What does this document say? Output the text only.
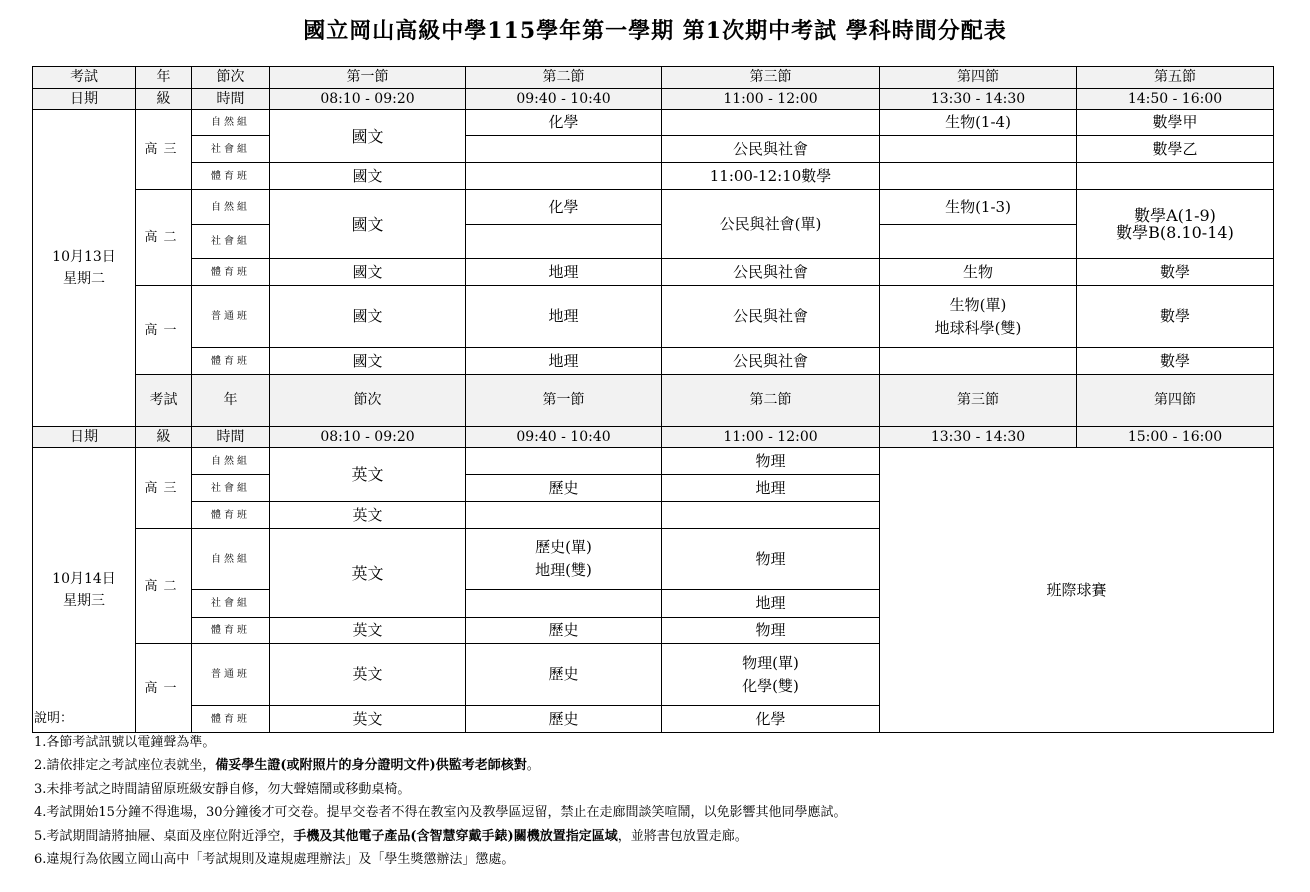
國立岡山高級中學115學年第一學期 第1次期中考試 學科時間分配表
考試	年	節次	第一節	第二節	第三節	第四節	第五節	
日期	級	時間	08:10 - 09:20	09:40 - 10:40	11:00 - 12:00	13:30 - 14:30	14:50 - 16:00	
10月13日
星期二	高三	自然組	國文	化學		生物(1-4)	數學甲	
		社會組			公民與社會		數學乙	
		體育班	國文		11:00-12:10數學			
	高二	自然組	國文	化學	公民與社會(單)	生物(1-3)	數學A(1-9)
數學B(8.10-14)	
		社會組						
		體育班	國文	地理	公民與社會	生物	數學	
	高一	普通班	國文	地理	公民與社會	生物(單)
地球科學(雙)	數學	
		體育班	國文	地理	公民與社會		數學	
	考試	年	節次	第一節	第二節	第三節	第四節	
日期	級	時間	08:10 - 09:20	09:40 - 10:40	11:00 - 12:00	13:30 - 14:30	15:00 - 16:00	
10月14日
星期三	高三	自然組	英文		物理	班際球賽		
		社會組		歷史	地理			
		體育班	英文					
	高二	自然組	英文	歷史(單)
地理(雙)	物理			
		社會組			地理			
		體育班	英文	歷史	物理			
	高一	普通班	英文	歷史	物理(單)
化學(雙)			
		體育班	英文	歷史	化學			
說明：
1.各節考試訊號以電鐘聲為準。
2.請依排定之考試座位表就坐，備妥學生證(或附照片的身分證明文件)供監考老師核對。
3.未排考試之時間請留原班級安靜自修，勿大聲嬉鬧或移動桌椅。
4.考試開始15分鐘不得進場，30分鐘後才可交卷。提早交卷者不得在教室內及教學區逗留，禁止在走廊間談笑喧鬧，以免影響其他同學應試。
5.考試期間請將抽屜、桌面及座位附近淨空，手機及其他電子產品(含智慧穿戴手錶)關機放置指定區域，並將書包放置走廊。
6.違規行為依國立岡山高中「考試規則及違規處理辦法」及「學生獎懲辦法」懲處。
